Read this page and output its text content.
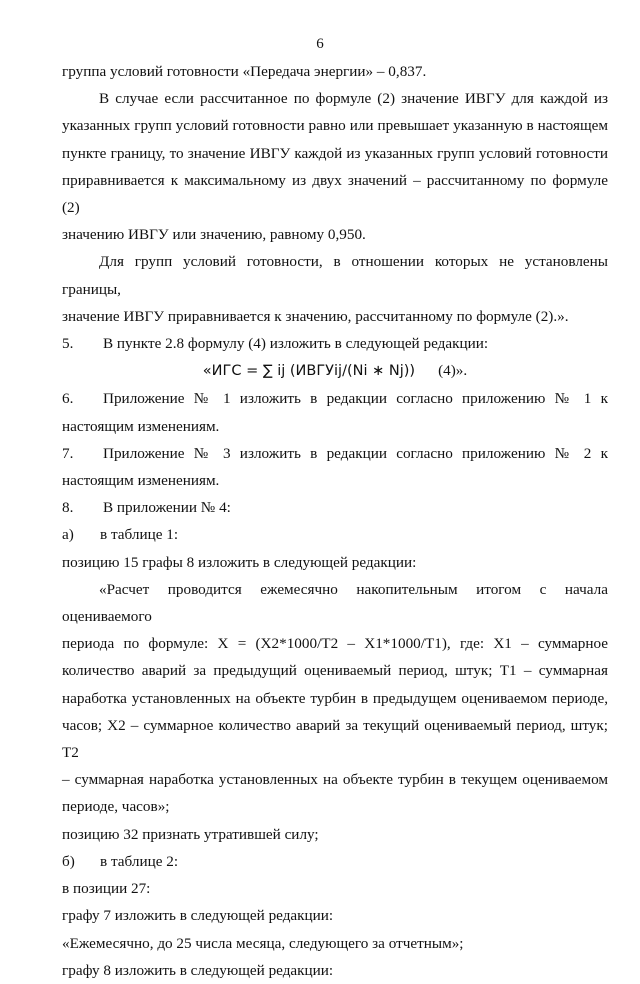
6

группа условий готовности «Передача энергии» – 0,837.

В случае если рассчитанное по формуле (2) значение ИВГУ для каждой из

указанных групп условий готовности равно или превышает указанную в настоящем

пункте границу, то значение ИВГУ каждой из указанных групп условий готовности

приравнивается к максимальному из двух значений – рассчитанному по формуле (2)

значению ИВГУ или значению, равному 0,950.

Для групп условий готовности, в отношении которых не установлены границы,

значение ИВГУ приравнивается к значению, рассчитанному по формуле (2).».

5. В пункте 2.8 формулу (4) изложить в следующей редакции:

«ИГС = ∑ ij (ИВГУij/(Ni ∗ Nj)) (4)».

6. Приложение № 1 изложить в редакции согласно приложению № 1 к

настоящим изменениям.

7. Приложение № 3 изложить в редакции согласно приложению № 2 к

настоящим изменениям.

8. В приложении № 4:

а) в таблице 1:

позицию 15 графы 8 изложить в следующей редакции:

«Расчет проводится ежемесячно накопительным итогом с начала оцениваемого

периода по формуле: X = (X2*1000/T2 – X1*1000/T1), где: X1 – суммарное

количество аварий за предыдущий оцениваемый период, штук; T1 – суммарная

наработка установленных на объекте турбин в предыдущем оцениваемом периоде,

часов; X2 – суммарное количество аварий за текущий оцениваемый период, штук; T2

– суммарная наработка установленных на объекте турбин в текущем оцениваемом

периоде, часов»;

позицию 32 признать утратившей силу;

б) в таблице 2:

в позиции 27:

графу 7 изложить в следующей редакции:

«Ежемесячно, до 25 числа месяца, следующего за отчетным»;

графу 8 изложить в следующей редакции:
